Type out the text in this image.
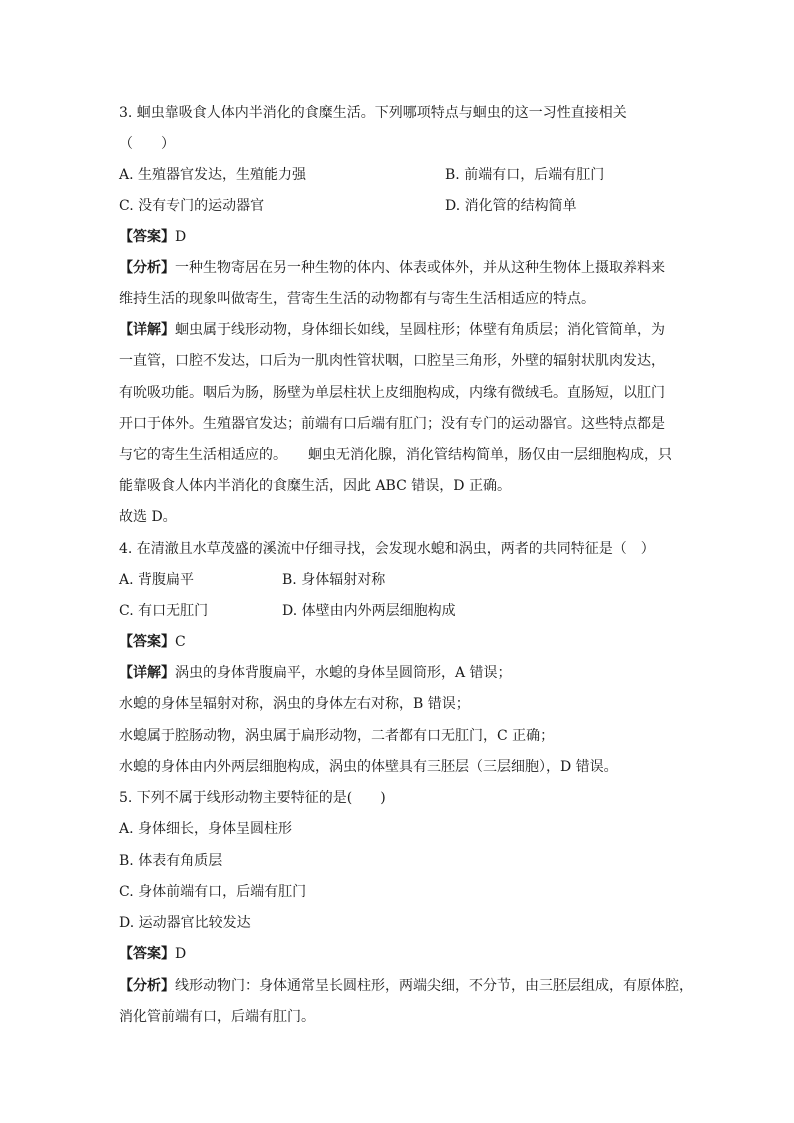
3. 蛔虫靠吸食人体内半消化的食糜生活。下列哪项特点与蛔虫的这一习性直接相关
（　　）
A. 生殖器官发达，生殖能力强	B. 前端有口，后端有肛门
C. 没有专门的运动器官	D. 消化管的结构简单
【答案】D
【分析】一种生物寄居在另一种生物的体内、体表或体外，并从这种生物体上摄取养料来
维持生活的现象叫做寄生，营寄生生活的动物都有与寄生生活相适应的特点。
【详解】蛔虫属于线形动物，身体细长如线，呈圆柱形；体壁有角质层；消化管简单，为
一直管，口腔不发达，口后为一肌肉性管状咽，口腔呈三角形，外壁的辐射状肌肉发达，
有吮吸功能。咽后为肠，肠壁为单层柱状上皮细胞构成，内缘有微绒毛。直肠短，以肛门
开口于体外。生殖器官发达；前端有口后端有肛门；没有专门的运动器官。这些特点都是
与它的寄生生活相适应的。　　蛔虫无消化腺，消化管结构简单，肠仅由一层细胞构成，只
能靠吸食人体内半消化的食糜生活，因此 ABC 错误，D 正确。
故选 D。
4. 在清澈且水草茂盛的溪流中仔细寻找，会发现水螅和涡虫，两者的共同特征是（　）
A. 背腹扁平	B. 身体辐射对称
C. 有口无肛门	D. 体壁由内外两层细胞构成
【答案】C
【详解】涡虫的身体背腹扁平，水螅的身体呈圆筒形，A 错误；
水螅的身体呈辐射对称，涡虫的身体左右对称，B 错误；
水螅属于腔肠动物，涡虫属于扁形动物，二者都有口无肛门，C 正确；
水螅的身体由内外两层细胞构成，涡虫的体壁具有三胚层（三层细胞），D 错误。
5. 下列不属于线形动物主要特征的是(　　)
A. 身体细长，身体呈圆柱形
B. 体表有角质层
C. 身体前端有口，后端有肛门
D. 运动器官比较发达
【答案】D
【分析】线形动物门：身体通常呈长圆柱形，两端尖细，不分节，由三胚层组成，有原体腔，
消化管前端有口，后端有肛门。
